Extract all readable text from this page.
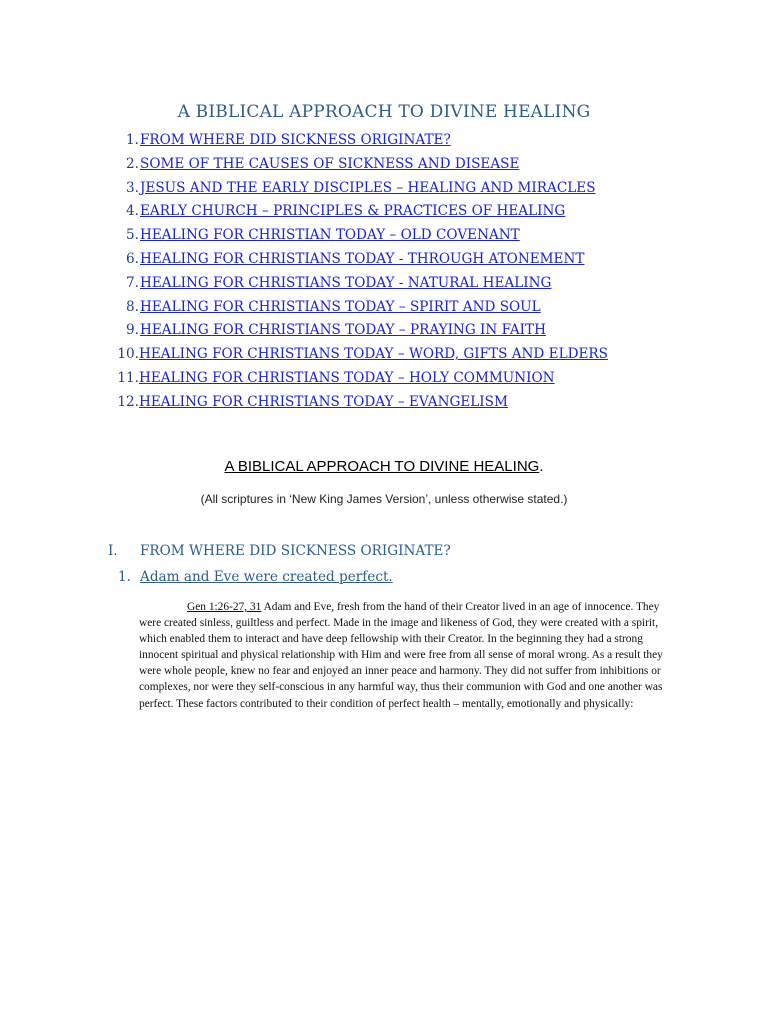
A BIBLICAL APPROACH TO DIVINE HEALING
1. FROM WHERE DID SICKNESS ORIGINATE?
2. SOME OF THE CAUSES OF SICKNESS AND DISEASE
3. JESUS AND THE EARLY DISCIPLES – HEALING AND MIRACLES
4. EARLY CHURCH – PRINCIPLES & PRACTICES OF HEALING
5. HEALING FOR CHRISTIAN TODAY – OLD COVENANT
6. HEALING FOR CHRISTIANS TODAY - THROUGH ATONEMENT
7. HEALING FOR CHRISTIANS TODAY - NATURAL HEALING
8. HEALING FOR CHRISTIANS TODAY – SPIRIT AND SOUL
9. HEALING FOR CHRISTIANS TODAY – PRAYING IN FAITH
10. HEALING FOR CHRISTIANS TODAY – WORD, GIFTS AND ELDERS
11. HEALING FOR CHRISTIANS TODAY – HOLY COMMUNION
12. HEALING FOR CHRISTIANS TODAY – EVANGELISM
A BIBLICAL APPROACH TO DIVINE HEALING.
(All scriptures in ‘New King James Version’, unless otherwise stated.)
I.	FROM WHERE DID SICKNESS ORIGINATE?
1. Adam and Eve were created perfect.

Gen 1:26-27, 31 Adam and Eve, fresh from the hand of their Creator lived in an age of innocence. They were created sinless, guiltless and perfect. Made in the image and likeness of God, they were created with a spirit, which enabled them to interact and have deep fellowship with their Creator. In the beginning they had a strong innocent spiritual and physical relationship with Him and were free from all sense of moral wrong. As a result they were whole people, knew no fear and enjoyed an inner peace and harmony. They did not suffer from inhibitions or complexes, nor were they self-conscious in any harmful way, thus their communion with God and one another was perfect. These factors contributed to their condition of perfect health – mentally, emotionally and physically:
